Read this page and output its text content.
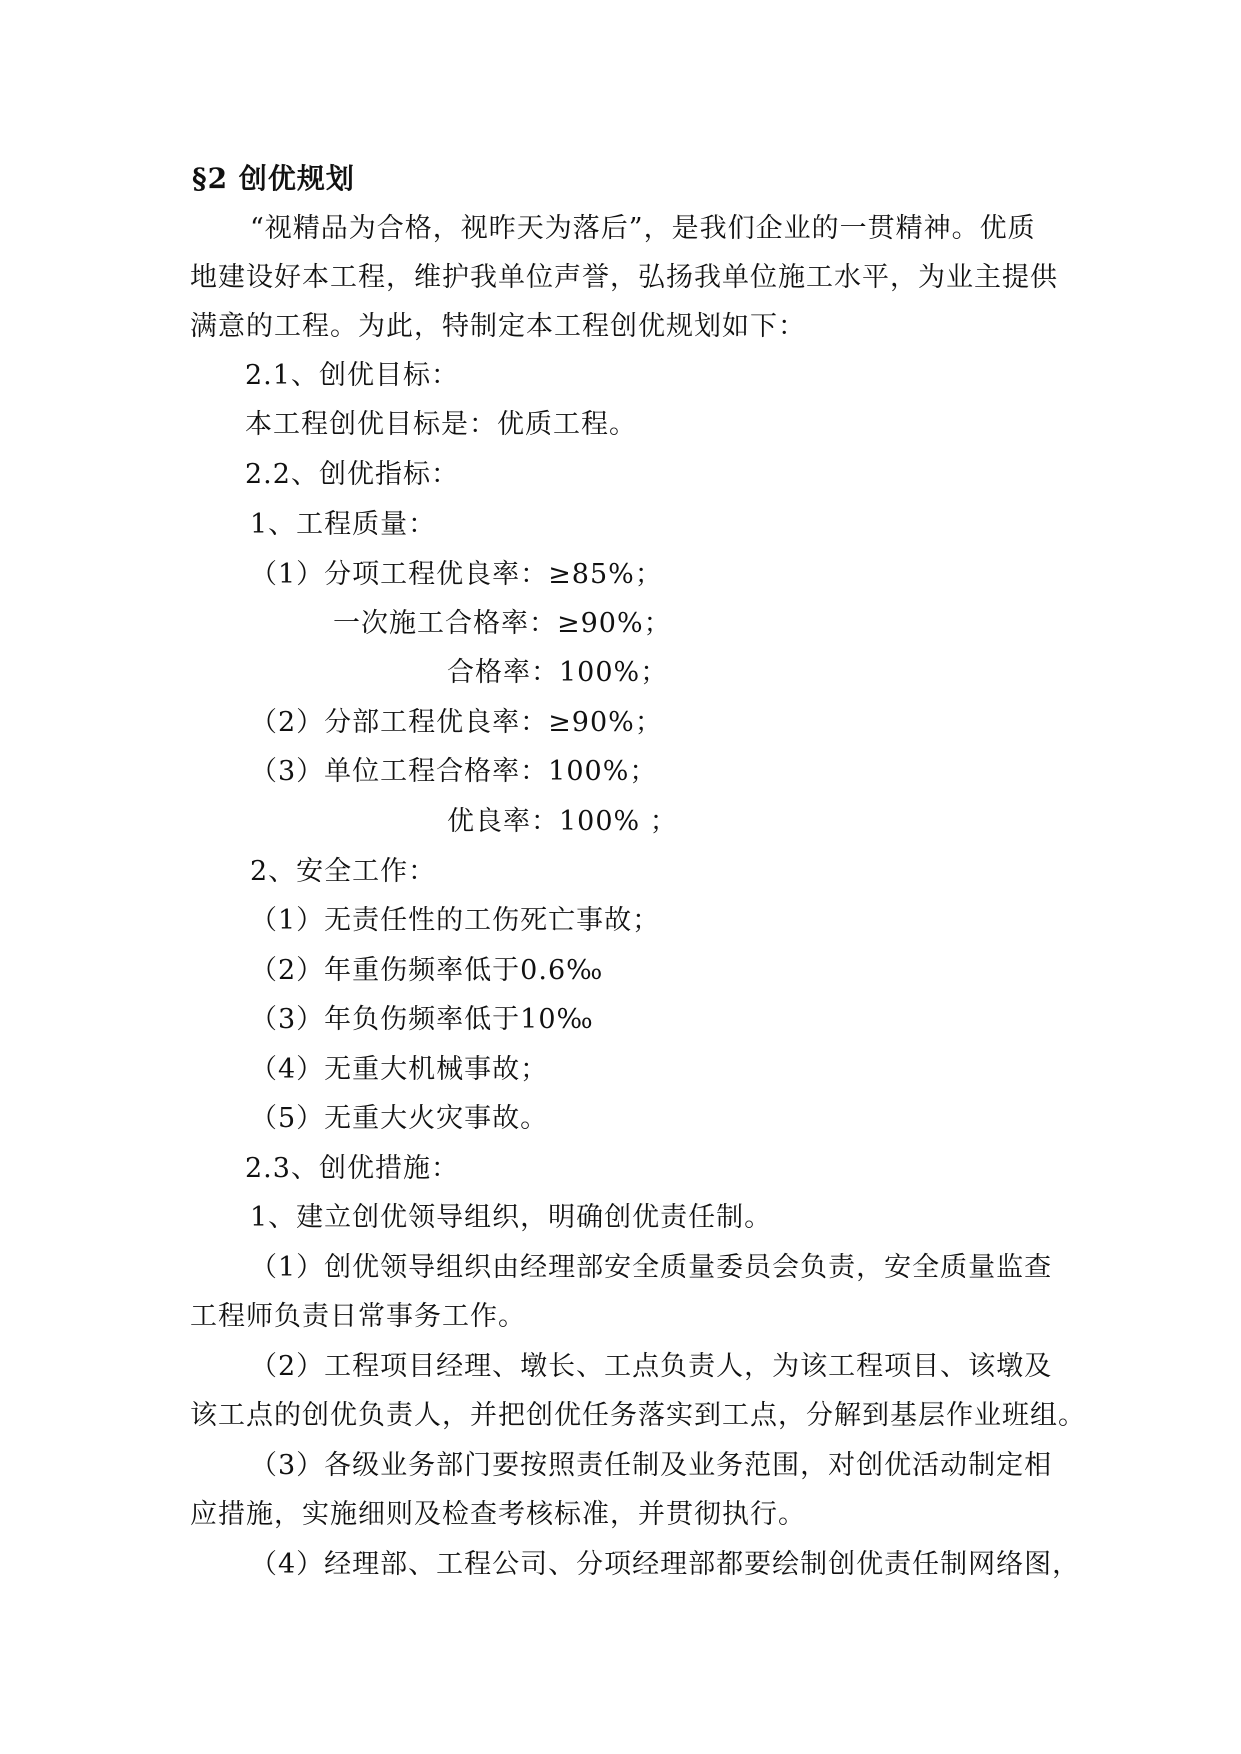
§2 创优规划
“视精品为合格，视昨天为落后”，是我们企业的一贯精神。优质
地建设好本工程，维护我单位声誉，弘扬我单位施工水平，为业主提供
满意的工程。为此，特制定本工程创优规划如下：
2.1、创优目标：
本工程创优目标是：优质工程。
2.2、创优指标：
1、工程质量：
（1）分项工程优良率：≥85%；
一次施工合格率：≥90%；
合格率：100%；
（2）分部工程优良率：≥90%；
（3）单位工程合格率：100%；
优良率：100% ；
2、安全工作：
（1）无责任性的工伤死亡事故；
（2）年重伤频率低于0.6‰
（3）年负伤频率低于10‰
（4）无重大机械事故；
（5）无重大火灾事故。
2.3、创优措施：
1、建立创优领导组织，明确创优责任制。
（1）创优领导组织由经理部安全质量委员会负责，安全质量监查
工程师负责日常事务工作。
（2）工程项目经理、墩长、工点负责人，为该工程项目、该墩及
该工点的创优负责人，并把创优任务落实到工点，分解到基层作业班组。
（3）各级业务部门要按照责任制及业务范围，对创优活动制定相
应措施，实施细则及检查考核标准，并贯彻执行。
（4）经理部、工程公司、分项经理部都要绘制创优责任制网络图，
